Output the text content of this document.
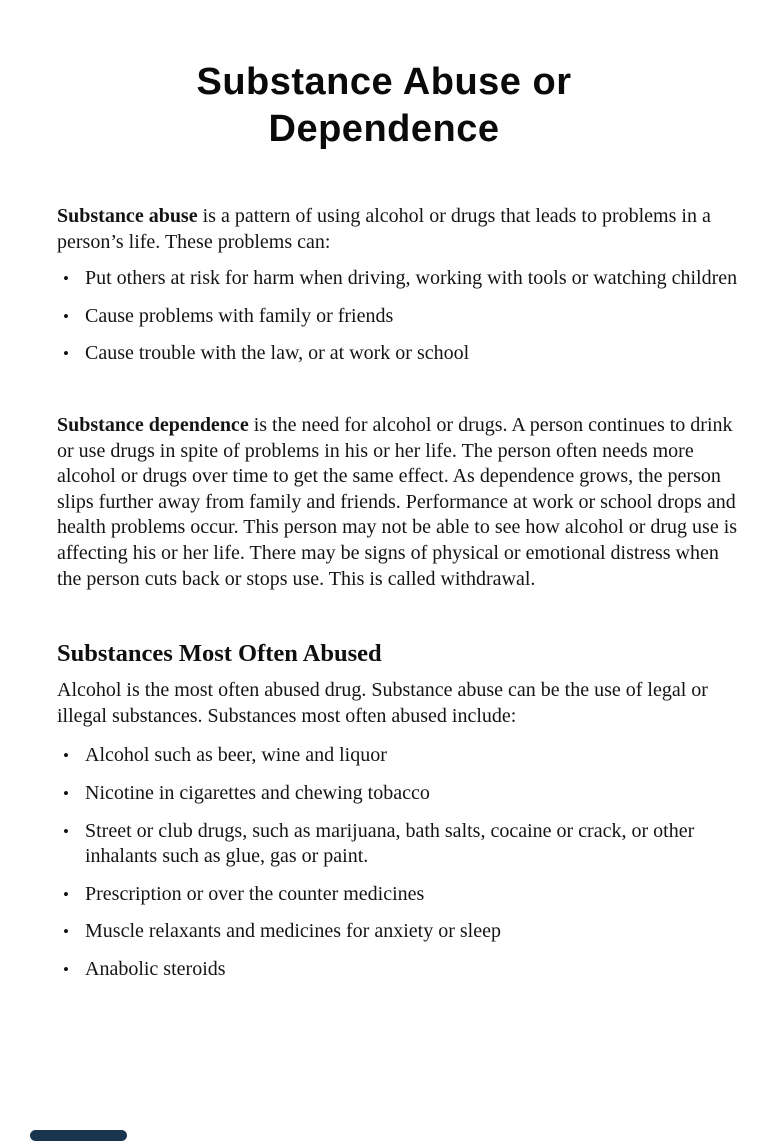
Substance Abuse or
Dependence

Substance abuse is a pattern of using alcohol or drugs that leads to problems in a person’s life. These problems can:

• Put others at risk for harm when driving, working with tools or watching children
• Cause problems with family or friends
• Cause trouble with the law, or at work or school

Substance dependence is the need for alcohol or drugs. A person continues to drink or use drugs in spite of problems in his or her life. The person often needs more alcohol or drugs over time to get the same effect. As dependence grows, the person slips further away from family and friends. Performance at work or school drops and health problems occur. This person may not be able to see how alcohol or drug use is affecting his or her life. There may be signs of physical or emotional distress when the person cuts back or stops use. This is called withdrawal.

Substances Most Often Abused

Alcohol is the most often abused drug. Substance abuse can be the use of legal or illegal substances. Substances most often abused include:

• Alcohol such as beer, wine and liquor
• Nicotine in cigarettes and chewing tobacco
• Street or club drugs, such as marijuana, bath salts, cocaine or crack, or other inhalants such as glue, gas or paint.
• Prescription or over the counter medicines
• Muscle relaxants and medicines for anxiety or sleep
• Anabolic steroids
